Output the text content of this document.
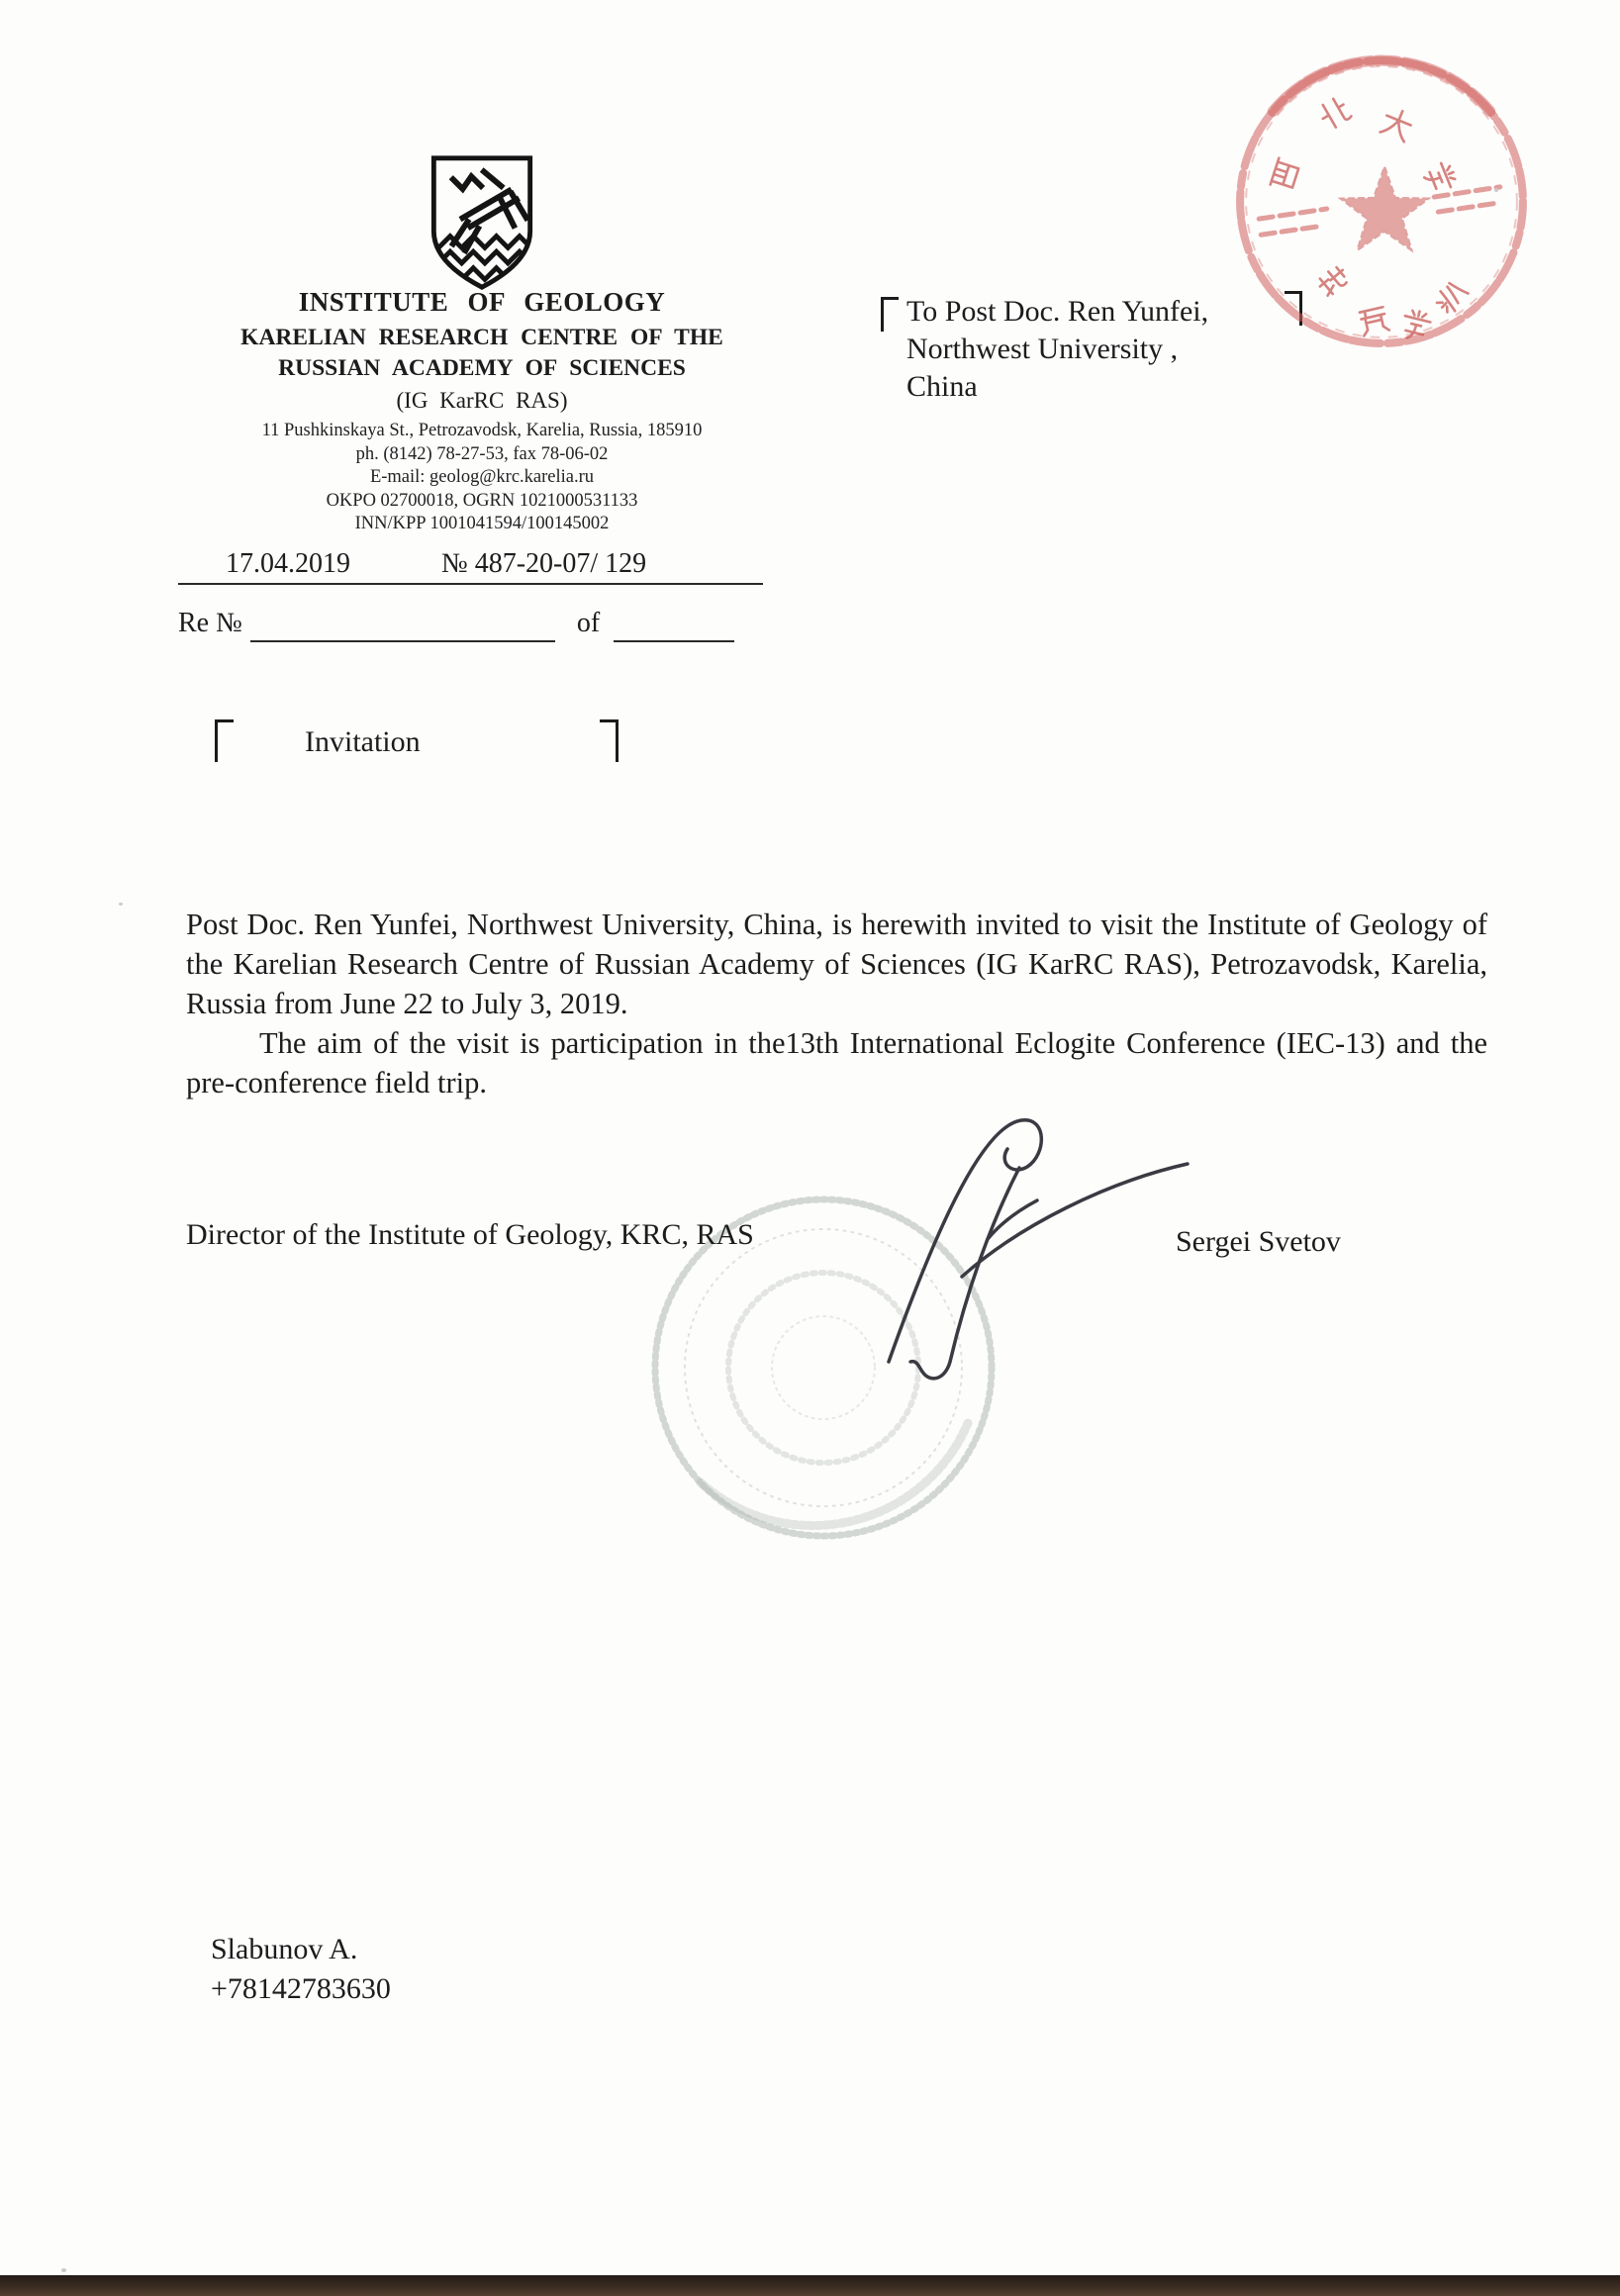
INSTITUTE OF GEOLOGY
KARELIAN RESEARCH CENTRE OF THE
RUSSIAN ACADEMY OF SCIENCES
(IG KarRC RAS)
11 Pushkinskaya St., Petrozavodsk, Karelia, Russia, 185910
ph. (8142) 78-27-53, fax 78-06-02
E-mail: geolog@krc.karelia.ru
OKPO 02700018, OGRN 1021000531133
INN/KPP 1001041594/100145002
17.04.2019	№ 487-20-07/ 129
Re №	of
To Post Doc. Ren Yunfei,
Northwest University ,
China
Invitation

Post Doc. Ren Yunfei, Northwest University, China, is herewith invited to visit the Institute of Geology of the Karelian Research Centre of Russian Academy of Sciences (IG KarRC RAS), Petrozavodsk, Karelia, Russia from June 22 to July 3, 2019.

The aim of the visit is participation in the13th International Eclogite Conference (IEC-13) and the pre-conference field trip.

Director of the Institute of Geology, KRC, RAS	Sergei Svetov
Slabunov A.
+78142783630
